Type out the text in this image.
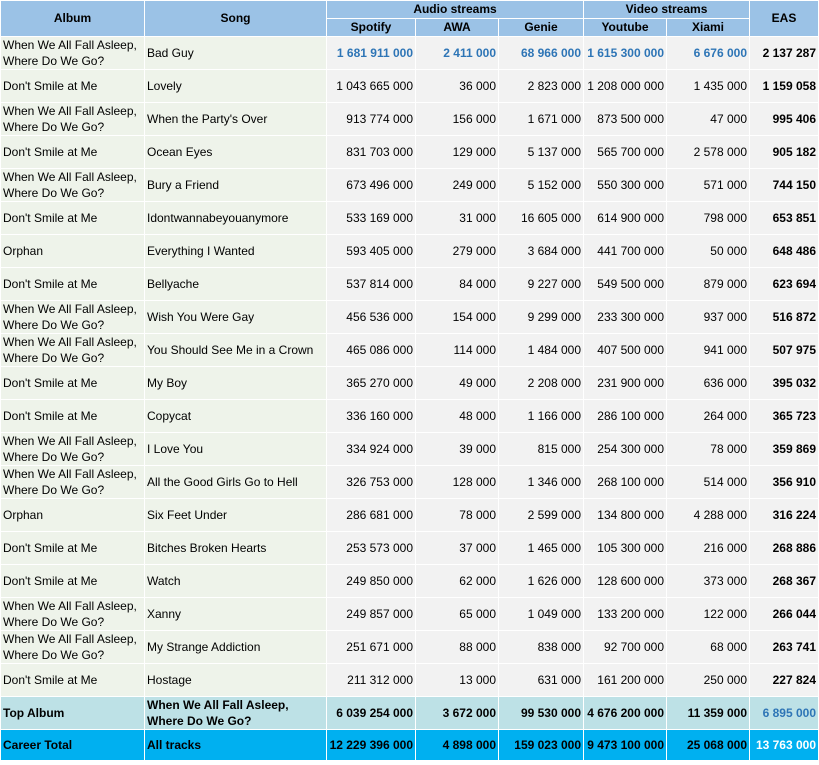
Album	Song	Audio streams			Video streams		EAS
		Spotify	AWA	Genie	Youtube	Xiami	
When We All Fall Asleep, Where Do We Go?	Bad Guy	1 681 911 000	2 411 000	68 966 000	1 615 300 000	6 676 000	2 137 287
Don't Smile at Me	Lovely	1 043 665 000	36 000	2 823 000	1 208 000 000	1 435 000	1 159 058
When We All Fall Asleep, Where Do We Go?	When the Party's Over	913 774 000	156 000	1 671 000	873 500 000	47 000	995 406
Don't Smile at Me	Ocean Eyes	831 703 000	129 000	5 137 000	565 700 000	2 578 000	905 182
When We All Fall Asleep, Where Do We Go?	Bury a Friend	673 496 000	249 000	5 152 000	550 300 000	571 000	744 150
Don't Smile at Me	Idontwannabeyouanymore	533 169 000	31 000	16 605 000	614 900 000	798 000	653 851
Orphan	Everything I Wanted	593 405 000	279 000	3 684 000	441 700 000	50 000	648 486
Don't Smile at Me	Bellyache	537 814 000	84 000	9 227 000	549 500 000	879 000	623 694
When We All Fall Asleep, Where Do We Go?	Wish You Were Gay	456 536 000	154 000	9 299 000	233 300 000	937 000	516 872
When We All Fall Asleep, Where Do We Go?	You Should See Me in a Crown	465 086 000	114 000	1 484 000	407 500 000	941 000	507 975
Don't Smile at Me	My Boy	365 270 000	49 000	2 208 000	231 900 000	636 000	395 032
Don't Smile at Me	Copycat	336 160 000	48 000	1 166 000	286 100 000	264 000	365 723
When We All Fall Asleep, Where Do We Go?	I Love You	334 924 000	39 000	815 000	254 300 000	78 000	359 869
When We All Fall Asleep, Where Do We Go?	All the Good Girls Go to Hell	326 753 000	128 000	1 346 000	268 100 000	514 000	356 910
Orphan	Six Feet Under	286 681 000	78 000	2 599 000	134 800 000	4 288 000	316 224
Don't Smile at Me	Bitches Broken Hearts	253 573 000	37 000	1 465 000	105 300 000	216 000	268 886
Don't Smile at Me	Watch	249 850 000	62 000	1 626 000	128 600 000	373 000	268 367
When We All Fall Asleep, Where Do We Go?	Xanny	249 857 000	65 000	1 049 000	133 200 000	122 000	266 044
When We All Fall Asleep, Where Do We Go?	My Strange Addiction	251 671 000	88 000	838 000	92 700 000	68 000	263 741
Don't Smile at Me	Hostage	211 312 000	13 000	631 000	161 200 000	250 000	227 824
Top Album	When We All Fall Asleep, Where Do We Go?	6 039 254 000	3 672 000	99 530 000	4 676 200 000	11 359 000	6 895 000
Career Total	All tracks	12 229 396 000	4 898 000	159 023 000	9 473 100 000	25 068 000	13 763 000
